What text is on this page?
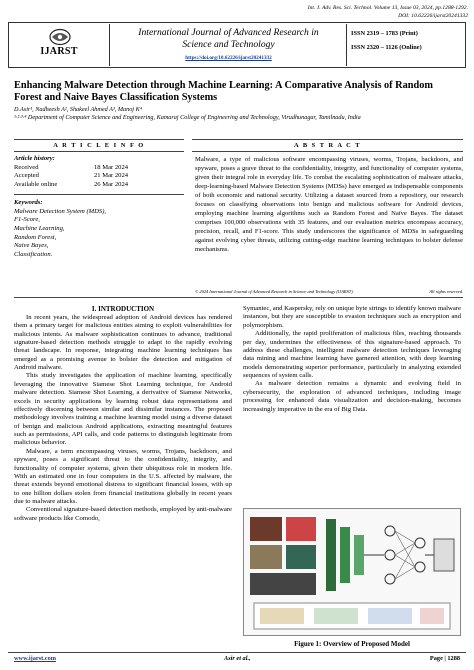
Int. J. Adv. Res. Sci. Technol. Volume 13, Issue 03, 2024, pp.1288-1292.
DOI: 10.62226/ijarst20241332
IJARST
International Journal of Advanced Research in
Science and Technology
https://doi.org/10.62226/ijarst20241332
ISSN 2319 – 1783 (Print)
ISSN 2320 – 1126 (Online)
Enhancing Malware Detection through Machine Learning: A Comparative Analysis of Random Forest and Naive Bayes Classification Systems
D.Asir¹, Nadheesh A², Shakeel Ahmed A³, Manoj K⁴
¹·²·³·⁴ Department of Computer Science and Engineering, Kamaraj College of Engineering and Technology, Virudhunagar, Tamilnadu, India
A R T I C L E I N F O	A B S T R A C T
Article history:
Received	18 Mar 2024
Accepted	21 Mar 2024
Available online	26 Mar 2024
Keywords:
Malware Detection System (MDS),
F1-Score,
Machine Learning,
Random Forest,
Naive Bayes,
Classification.
Malware, a type of malicious software encompassing viruses, worms, Trojans, backdoors, and spyware, poses a grave threat to the confidentiality, integrity, and functionality of computer systems, given their integral role in everyday life. To combat the escalating sophistication of malware attacks, deep-learning-based Malware Detection Systems (MDSs) have emerged as indispensable components of both economic and national security. Utilizing a dataset sourced from a repository, our research focuses on classifying observations into benign and malicious software for Android devices, employing machine learning algorithms such as Random Forest and Naïve Bayes. The dataset comprises 100,000 observations with 35 features, and our evaluation metrics encompass accuracy, precision, recall, and F1-score. This study underscores the significance of MDSs in safeguarding against evolving cyber threats, utilizing cutting-edge machine learning techniques to bolster defense mechanisms.
© 2024 International Journal of Advanced Research in Science and Technology (IJARST).	All rights reserved.

I. INTRODUCTION

In recent years, the widespread adoption of Android devices has rendered them a primary target for malicious entities aiming to exploit vulnerabilities for malicious intents. As malware sophistication continues to advance, traditional signature-based detection methods struggle to adapt to the rapidly evolving threat landscape. In response, integrating machine learning techniques has emerged as a promising avenue to bolster the detection and mitigation of Android malware.

This study investigates the application of machine learning, specifically leveraging the innovative Siamese Shot Learning technique, for Android malware detection. Siamese Shot Learning, a derivative of Siamese Networks, excels in security applications by learning robust data representations and effectively discerning between similar and dissimilar instances. The proposed methodology involves training a machine learning model using a diverse dataset of benign and malicious Android applications, extracting meaningful features such as permissions, API calls, and code patterns to distinguish legitimate from malicious behavior.

Malware, a term encompassing viruses, worms, Trojans, backdoors, and spyware, poses a significant threat to the confidentiality, integrity, and functionality of computer systems, given their ubiquitous role in modern life. With an estimated one in four computers in the U.S. affected by malware, the threat extends beyond emotional distress to significant financial losses, with up to one billion dollars stolen from financial institutions globally in recent years due to malware attacks.

Conventional signature-based detection methods, employed by anti-malware software products like Comodo,

Symantec, and Kaspersky, rely on unique byte strings to identify known malware instances, but they are susceptible to evasion techniques such as encryption and polymorphism.

Additionally, the rapid proliferation of malicious files, reaching thousands per day, undermines the effectiveness of this signature-based approach. To address these challenges, intelligent malware detection techniques leveraging data mining and machine learning have garnered attention, with deep learning models demonstrating superior performance, particularly in analyzing extended sequences of system calls.

As malware detection remains a dynamic and evolving field in cybersecurity, the exploration of advanced techniques, including image processing for enhanced data visualization and decision-making, becomes increasingly imperative in the era of Big Data.

Figure 1: Overview of Proposed Model
www.ijarst.com	Asir et al.,	Page | 1288
